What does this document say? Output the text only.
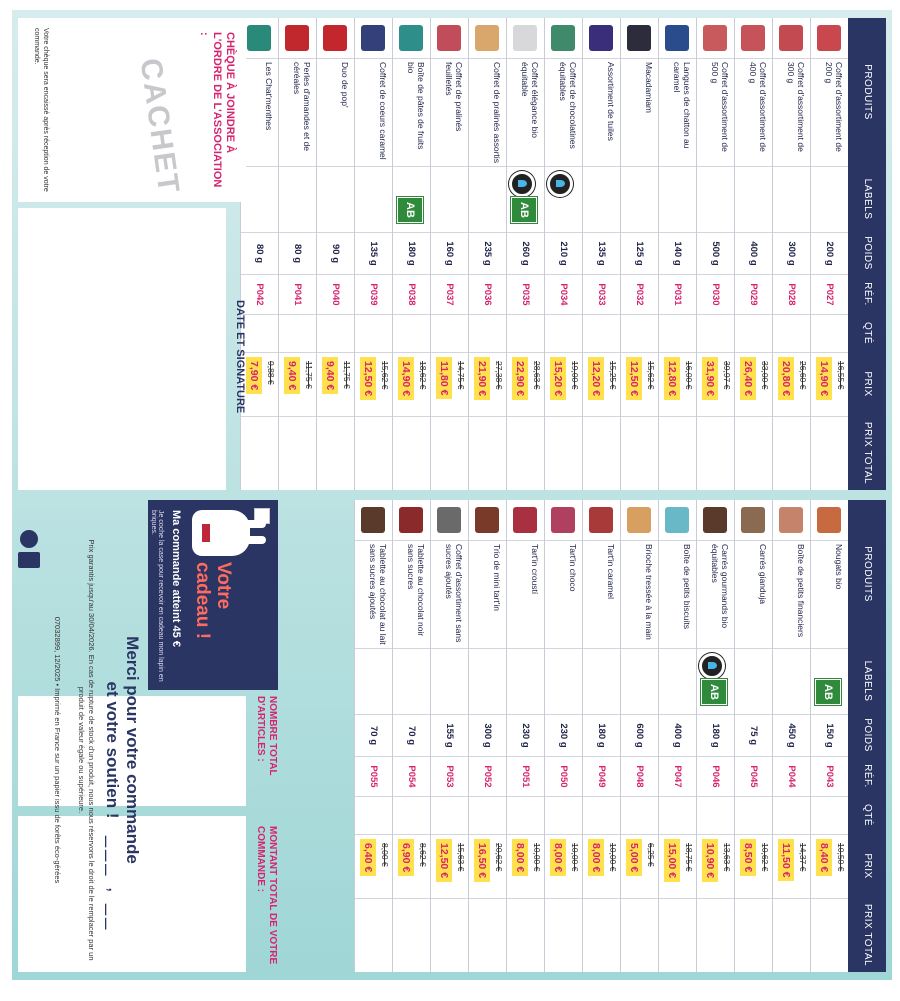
PRODUITS
LABELS
POIDS
RÉF.
QTÉ
PRIX
PRIX TOTAL
Coffret d'assortiment de 200 g
200 g
P027
16,55 €
14,90 €
Coffret d'assortiment de 300 g
300 g
P028
26,60 €
20,80 €
Coffret d'assortiment de 400 g
400 g
P029
33,00 €
26,40 €
Coffret d'assortiment de 500 g
500 g
P030
39,97 €
31,90 €
Langues de chatton au caramel
140 g
P031
16,00 €
12,80 €
Macadamiam
125 g
P032
15,62 €
12,50 €
Assortiment de tuiles
135 g
P033
15,25 €
12,20 €
Coffret de chocolatines équitables
210 g
P034
19,00 €
15,20 €
Coffret élégance bio équitable
AB
260 g
P035
28,63 €
22,90 €
Coffret de pralinés assortis
235 g
P036
27,38 €
21,90 €
Coffret de pralinés feuilletés
160 g
P037
14,75 €
11,80 €
Boîte de pâtes de fruits bio
AB
180 g
P038
18,62 €
14,90 €
Coffret de coeurs caramel
135 g
P039
15,62 €
12,50 €
Duo de pop'
90 g
P040
11,75 €
9,40 €
Perles d'amandes et de céréales
80 g
P041
11,75 €
9,40 €
Les Chat'menthes
80 g
P042
9,88 €
7,90 €
DATE ET SIGNATURE
CHÈQUE À JOINDRE À L'ORDRE DE L'ASSOCIATION :
CACHET
Votre chèque sera encaissé après réception de votre commande.
PRODUITS
LABELS
POIDS
RÉF.
QTÉ
PRIX
PRIX TOTAL
Nougats bio
AB
150 g
P043
10,50 €
8,40 €
Boîte de petits financiers
450 g
P044
14,37 €
11,50 €
Carrés gianduja
75 g
P045
10,62 €
8,50 €
Carrés gourmands bio équitables
AB
180 g
P046
13,63 €
10,90 €
Boîte de petits biscuits
400 g
P047
18,75 €
15,00 €
Brioche tressée à la main
600 g
P048
6,25 €
5,00 €
Tart'in caramel
180 g
P049
10,00 €
8,00 €
Tart'in choco
230 g
P050
10,00 €
8,00 €
Tart'in croustí
230 g
P051
10,00 €
8,00 €
Trio de mini tart'in
300 g
P052
20,62 €
16,50 €
Coffret d'assortiment sans sucres ajoutés
155 g
P053
15,63 €
12,50 €
Tablette au chocolat noir sans sucres
70 g
P054
8,62 €
6,90 €
Tablette au chocolat au lait sans sucres ajoutés
70 g
P055
8,00 €
6,40 €
Votre
cadeau !
Ma commande atteint 45 €
Je coche la case pour recevoir en cadeau mon lapin en briques.
NOMBRE TOTAL D'ARTICLES :
MONTANT TOTAL DE VOTRE COMMANDE :
___ , __
Merci pour votre commande
et votre soutien !
Prix garantis jusqu'au 30/04/2026. En cas de rupture de stock d'un produit, nous nous réservons le droit de le remplacer par un produit de valeur égale ou supérieure.
07032899, 12/2025 • Imprimé en France sur un papier issu de forêts éco-gérées
